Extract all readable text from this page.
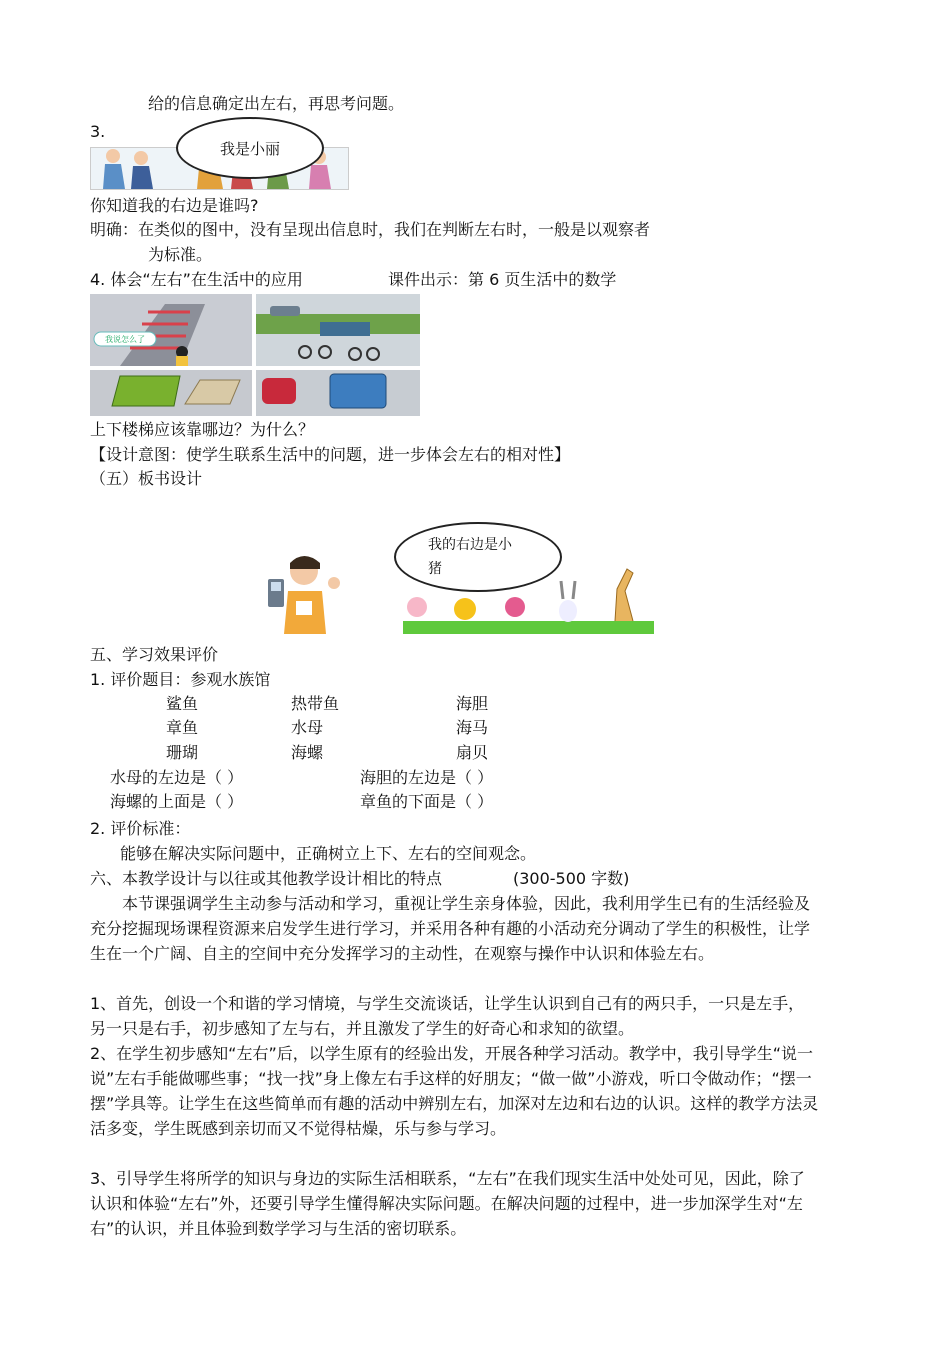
给的信息确定出左右，再思考问题。
3.
我是小丽
你知道我的右边是谁吗?
明确：在类似的图中，没有呈现出信息时，我们在判断左右时，一般是以观察者
为标准。
4. 体会“左右”在生活中的应用	课件出示：第 6 页生活中的数学
我说怎么了
上下楼梯应该靠哪边？为什么？
【设计意图：使学生联系生活中的问题，进一步体会左右的相对性】
（五）板书设计
我的右边是小猪
五、学习效果评价
1. 评价题目：参观水族馆
鲨鱼	热带鱼	海胆
章鱼	水母	海马
珊瑚	海螺	扇贝
水母的左边是（ ）	海胆的左边是（ ）
海螺的上面是（ ）	章鱼的下面是（ ）
2. 评价标准：
能够在解决实际问题中，正确树立上下、左右的空间观念。
六、本教学设计与以往或其他教学设计相比的特点	(300-500 字数)
本节课强调学生主动参与活动和学习，重视让学生亲身体验，因此，我利用学生已有的生活经验及充分挖掘现场课程资源来启发学生进行学习，并采用各种有趣的小活动充分调动了学生的积极性，让学生在一个广阔、自主的空间中充分发挥学习的主动性，在观察与操作中认识和体验左右。
1、首先，创设一个和谐的学习情境，与学生交流谈话，让学生认识到自己有的两只手，一只是左手，另一只是右手，初步感知了左与右，并且激发了学生的好奇心和求知的欲望。
2、在学生初步感知“左右”后，以学生原有的经验出发，开展各种学习活动。教学中，我引导学生“说一说”左右手能做哪些事；“找一找”身上像左右手这样的好朋友；“做一做”小游戏，听口令做动作；“摆一摆”学具等。让学生在这些简单而有趣的活动中辨别左右，加深对左边和右边的认识。这样的教学方法灵活多变，学生既感到亲切而又不觉得枯燥，乐与参与学习。
3、引导学生将所学的知识与身边的实际生活相联系，“左右”在我们现实生活中处处可见，因此，除了认识和体验“左右”外，还要引导学生懂得解决实际问题。在解决问题的过程中，进一步加深学生对“左右”的认识，并且体验到数学学习与生活的密切联系。
